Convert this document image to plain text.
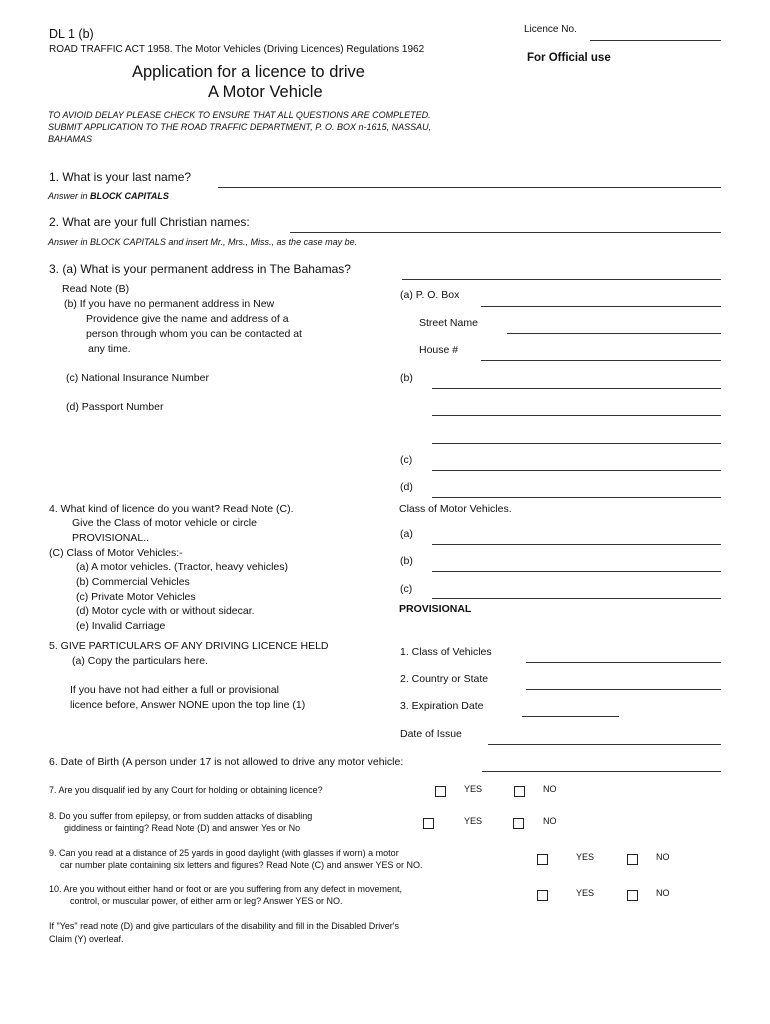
DL 1 (b)
ROAD TRAFFIC ACT 1958. The Motor Vehicles (Driving Licences) Regulations 1962
Licence No.
For Official use
Application for a licence to drive
A Motor Vehicle
TO AVIOID DELAY PLEASE CHECK TO ENSURE THAT ALL QUESTIONS ARE COMPLETED.
SUBMIT APPLICATION TO THE ROAD TRAFFIC DEPARTMENT, P. O. BOX n-1615, NASSAU,
BAHAMAS
1. What is your last name?
Answer in BLOCK CAPITALS
2. What are your full Christian names:
Answer in BLOCK CAPITALS and insert Mr., Mrs., Miss., as the case may be.
3. (a) What is your permanent address in The Bahamas?
Read Note (B)
(b) If you have no permanent address in New
Providence give the name and address of a
person through whom you can be contacted at
any time.
(c) National Insurance Number
(d) Passport Number
(a) P. O. Box
Street Name
House #
(b)
(c)
(d)
4. What kind of licence do you want? Read Note (C).
Give the Class of motor vehicle or circle
PROVISIONAL..
(C) Class of Motor Vehicles:-
(a) A motor vehicles. (Tractor, heavy vehicles)
(b) Commercial Vehicles
(c) Private Motor Vehicles
(d) Motor cycle with or without sidecar.
(e) Invalid Carriage
Class of Motor Vehicles.
(a)
(b)
(c)
PROVISIONAL
5. GIVE PARTICULARS OF ANY DRIVING LICENCE HELD
(a) Copy the particulars here.
If you have not had either a full or provisional
licence before, Answer NONE upon the top line (1)
1. Class of Vehicles
2. Country or State
3. Expiration Date
Date of Issue
6. Date of Birth (A person under 17 is not allowed to drive any motor vehicle:
7. Are you disqualif ied by any Court for holding or obtaining licence?	YES	NO
8. Do you suffer from epilepsy, or from sudden attacks of disabling
giddiness or fainting? Read Note (D) and answer Yes or No
YES	NO
9. Can you read at a distance of 25 yards in good daylight (with glasses if worn) a motor
car number plate containing six letters and figures? Read Note (C) and answer YES or NO.
YES	NO
10. Are you without either hand or foot or are you suffering from any defect in movement,
control, or muscular power, of either arm or leg? Answer YES or NO.
YES	NO
If "Yes" read note (D) and give particulars of the disability and fill in the Disabled Driver's
Claim (Y) overleaf.
